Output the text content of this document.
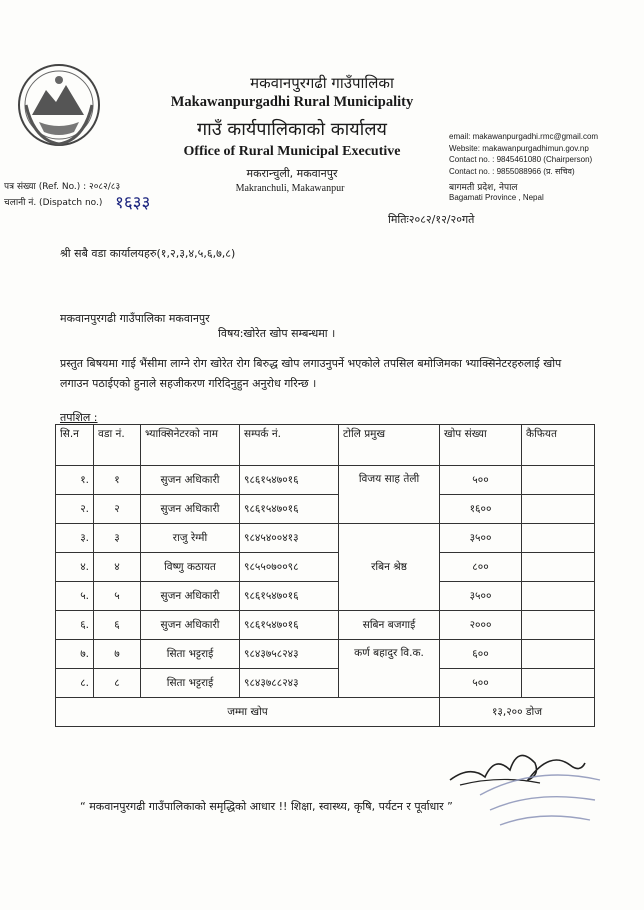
मकवानपुरगढी गाउँपालिका
Makawanpurgadhi Rural Municipality
गाउँ कार्यपालिकाको कार्यालय
Office of Rural Municipal Executive
मकरान्चुली, मकवानपुर
Makranchuli, Makawanpur
email: makawanpurgadhi.rmc@gmail.com
Website: makawanpurgadhimun.gov.np
Contact no. : 9845461080 (Chairperson)
Contact no. : 9855088966 (प्र. सचिव)
बागमती प्रदेश, नेपाल
Bagamati Province , Nepal
पत्र संख्या (Ref. No.) : २०८२/८३
चलानी नं. (Dispatch no.) १६३३
मितिः२०८२/१२/२०गते
श्री सबै वडा कार्यालयहरु(१,२,३,४,५,६,७,८)
मकवानपुरगढी गाउँपालिका मकवानपुर
विषय:खोरेत खोप सम्बन्धमा ।
प्रस्तुत बिषयमा गाई भैंसीमा लाग्ने रोग खोरेत रोग बिरुद्ध खोप लगाउनुपर्ने भएकोले तपसिल बमोजिमका भ्याक्सिनेटरहरुलाई खोप लगाउन पठाईएको हुनाले सहजीकरण गरिदिनुहुन अनुरोध गरिन्छ ।
तपशिल :
सि.न	वडा नं.	भ्याक्सिनेटरको नाम	सम्पर्क नं.	टोलि प्रमुख	खोप संख्या	कैफियत
१.	१	सुजन अधिकारी	९८६१५४७०१६	विजय साह तेली	५००	
२.	२	सुजन अधिकारी	९८६१५४७०१६		१६००	
३.	३	राजु रेग्मी	९८४५४००४१३	रबिन श्रेष्ठ	३५००	
४.	४	विष्णु कठायत	९८५५०७००९८		८००	
५.	५	सुजन अधिकारी	९८६१५४७०१६		३५००	
६.	६	सुजन अधिकारी	९८६१५४७०१६	सबिन बजगाई	२०००	
७.	७	सिता भट्टराई	९८४३७५८२४३	कर्ण बहादुर वि.क.	६००	
८.	८	सिता भट्टराई	९८४३७८८२४३		५००	
जम्मा खोप					१३,२०० डोज	
“ मकवानपुरगढी गाउँपालिकाको समृद्धिको आधार !! शिक्षा, स्वास्थ्य, कृषि, पर्यटन र पूर्वाधार ”
